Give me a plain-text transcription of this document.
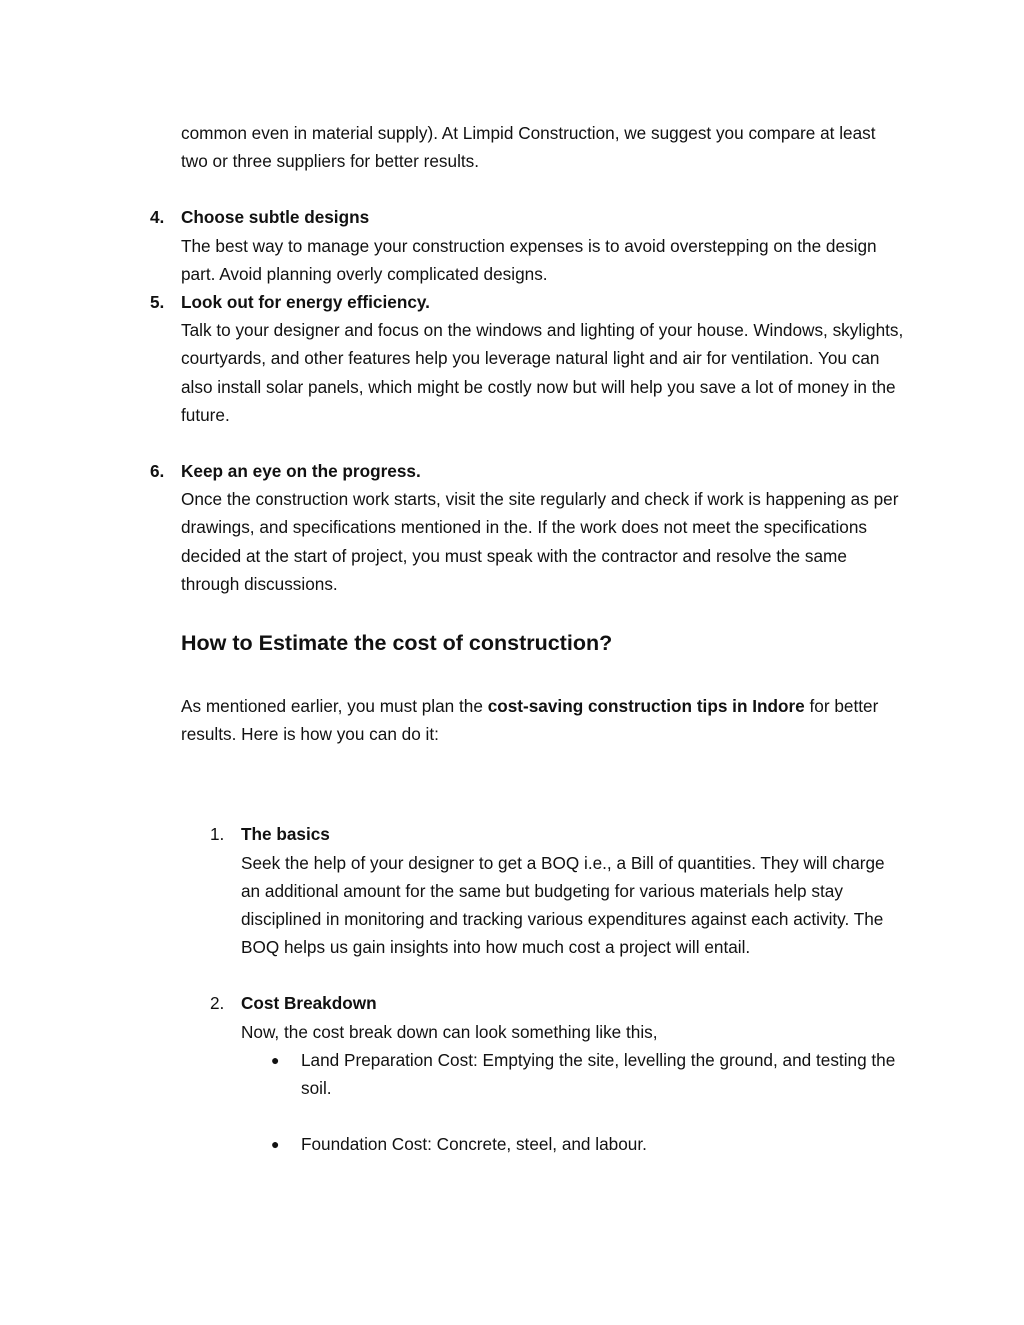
common even in material supply). At Limpid Construction, we suggest you compare at least two or three suppliers for better results.

4. Choose subtle designs

The best way to manage your construction expenses is to avoid overstepping on the design part. Avoid planning overly complicated designs.

5. Look out for energy efficiency.

Talk to your designer and focus on the windows and lighting of your house. Windows, skylights, courtyards, and other features help you leverage natural light and air for ventilation. You can also install solar panels, which might be costly now but will help you save a lot of money in the future.

6. Keep an eye on the progress.

Once the construction work starts, visit the site regularly and check if work is happening as per drawings, and specifications mentioned in the. If the work does not meet the specifications decided at the start of project, you must speak with the contractor and resolve the same through discussions.

How to Estimate the cost of construction?

As mentioned earlier, you must plan the cost-saving construction tips in Indore for better results. Here is how you can do it:

1. The basics

Seek the help of your designer to get a BOQ i.e., a Bill of quantities. They will charge an additional amount for the same but budgeting for various materials help stay disciplined in monitoring and tracking various expenditures against each activity. The BOQ helps us gain insights into how much cost a project will entail.

2. Cost Breakdown

Now, the cost break down can look something like this,

●	Land Preparation Cost: Emptying the site, levelling the ground, and testing the soil.

●	Foundation Cost: Concrete, steel, and labour.
